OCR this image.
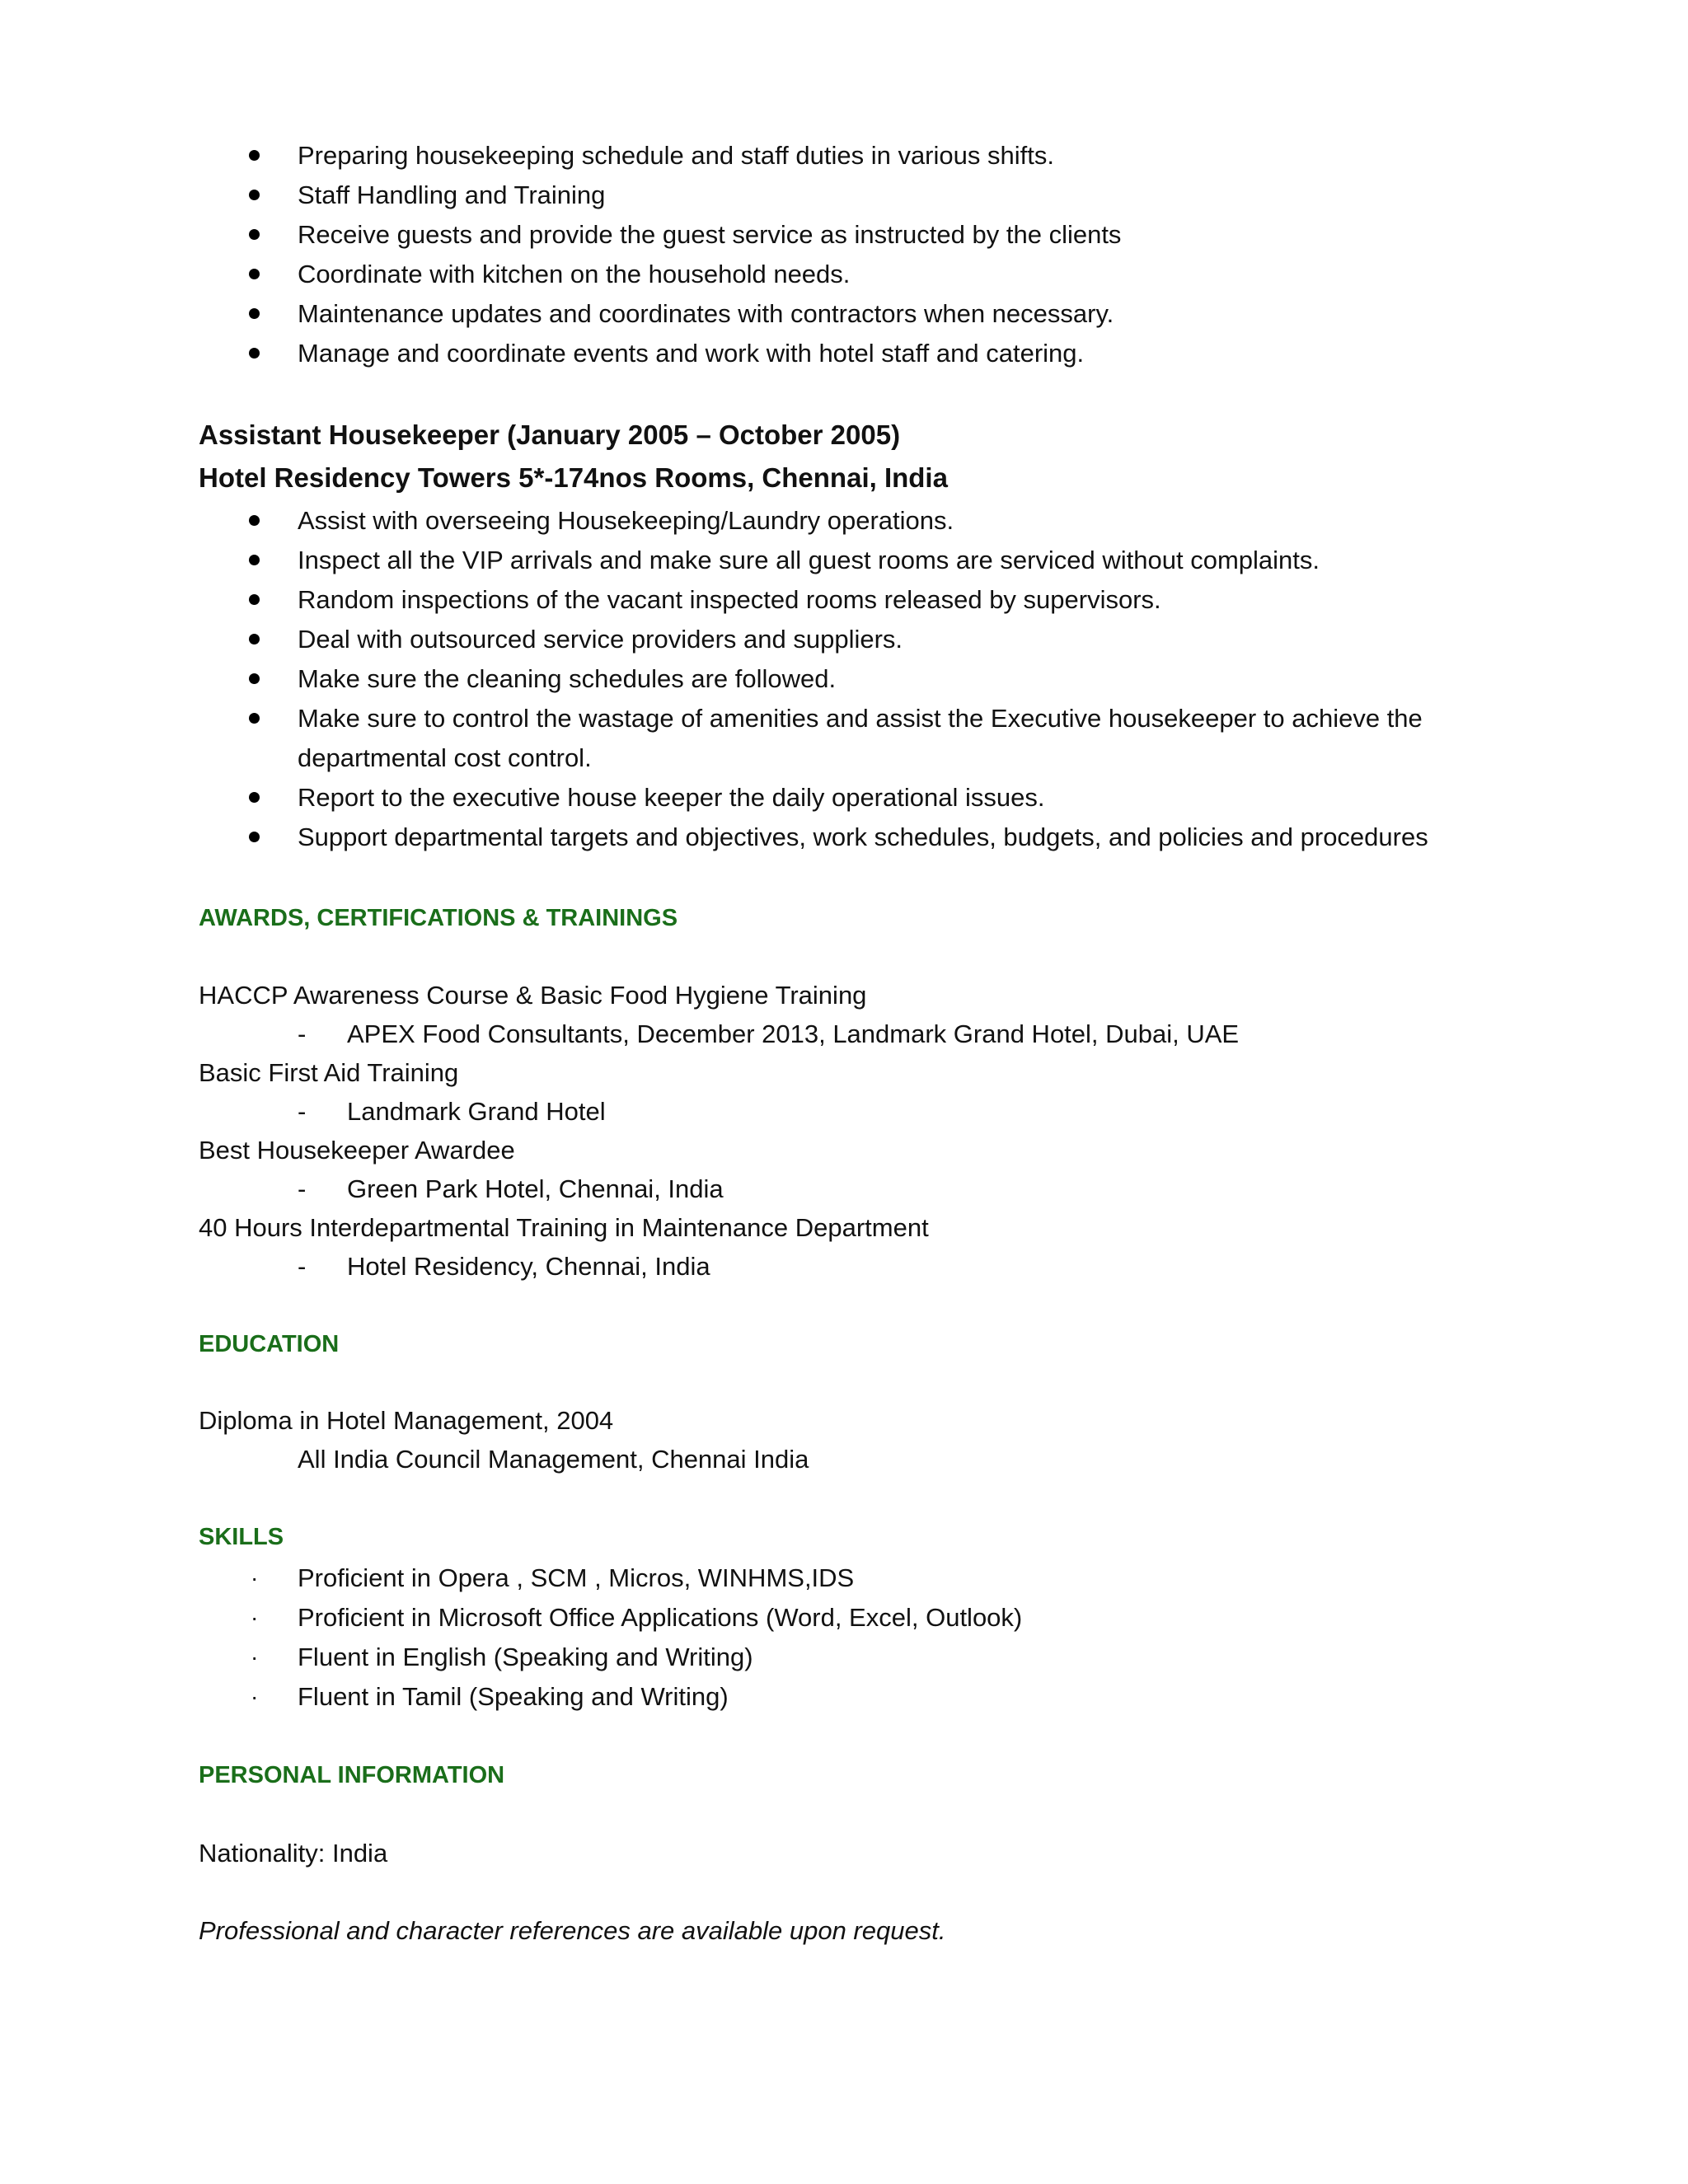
Preparing housekeeping schedule and staff duties in various shifts.
Staff Handling and Training
Receive guests and provide the guest service as instructed by the clients
Coordinate with kitchen on the household needs.
Maintenance updates and coordinates with contractors when necessary.
Manage and coordinate events and work with hotel staff and catering.
Assistant Housekeeper (January 2005 – October 2005)
Hotel Residency Towers 5*-174nos Rooms, Chennai, India
Assist with overseeing Housekeeping/Laundry operations.
Inspect all the VIP arrivals and make sure all guest rooms are serviced without complaints.
Random inspections of the vacant inspected rooms released by supervisors.
Deal with outsourced service providers and suppliers.
Make sure the cleaning schedules are followed.
Make sure to control the wastage of amenities and assist the Executive housekeeper to achieve the departmental cost control.
Report to the executive house keeper the daily operational issues.
Support departmental targets and objectives, work schedules, budgets, and policies and procedures
AWARDS, CERTIFICATIONS & TRAININGS
HACCP Awareness Course & Basic Food Hygiene Training
- APEX Food Consultants, December 2013, Landmark Grand Hotel, Dubai, UAE
Basic First Aid Training
- Landmark Grand Hotel
Best Housekeeper Awardee
- Green Park Hotel, Chennai, India
40 Hours Interdepartmental Training in Maintenance Department
- Hotel Residency, Chennai, India
EDUCATION
Diploma in Hotel Management, 2004
All India Council Management, Chennai India
SKILLS
· Proficient in Opera , SCM , Micros, WINHMS,IDS
· Proficient in Microsoft Office Applications (Word, Excel, Outlook)
· Fluent in English (Speaking and Writing)
· Fluent in Tamil (Speaking and Writing)
PERSONAL INFORMATION
Nationality: India
Professional and character references are available upon request.
